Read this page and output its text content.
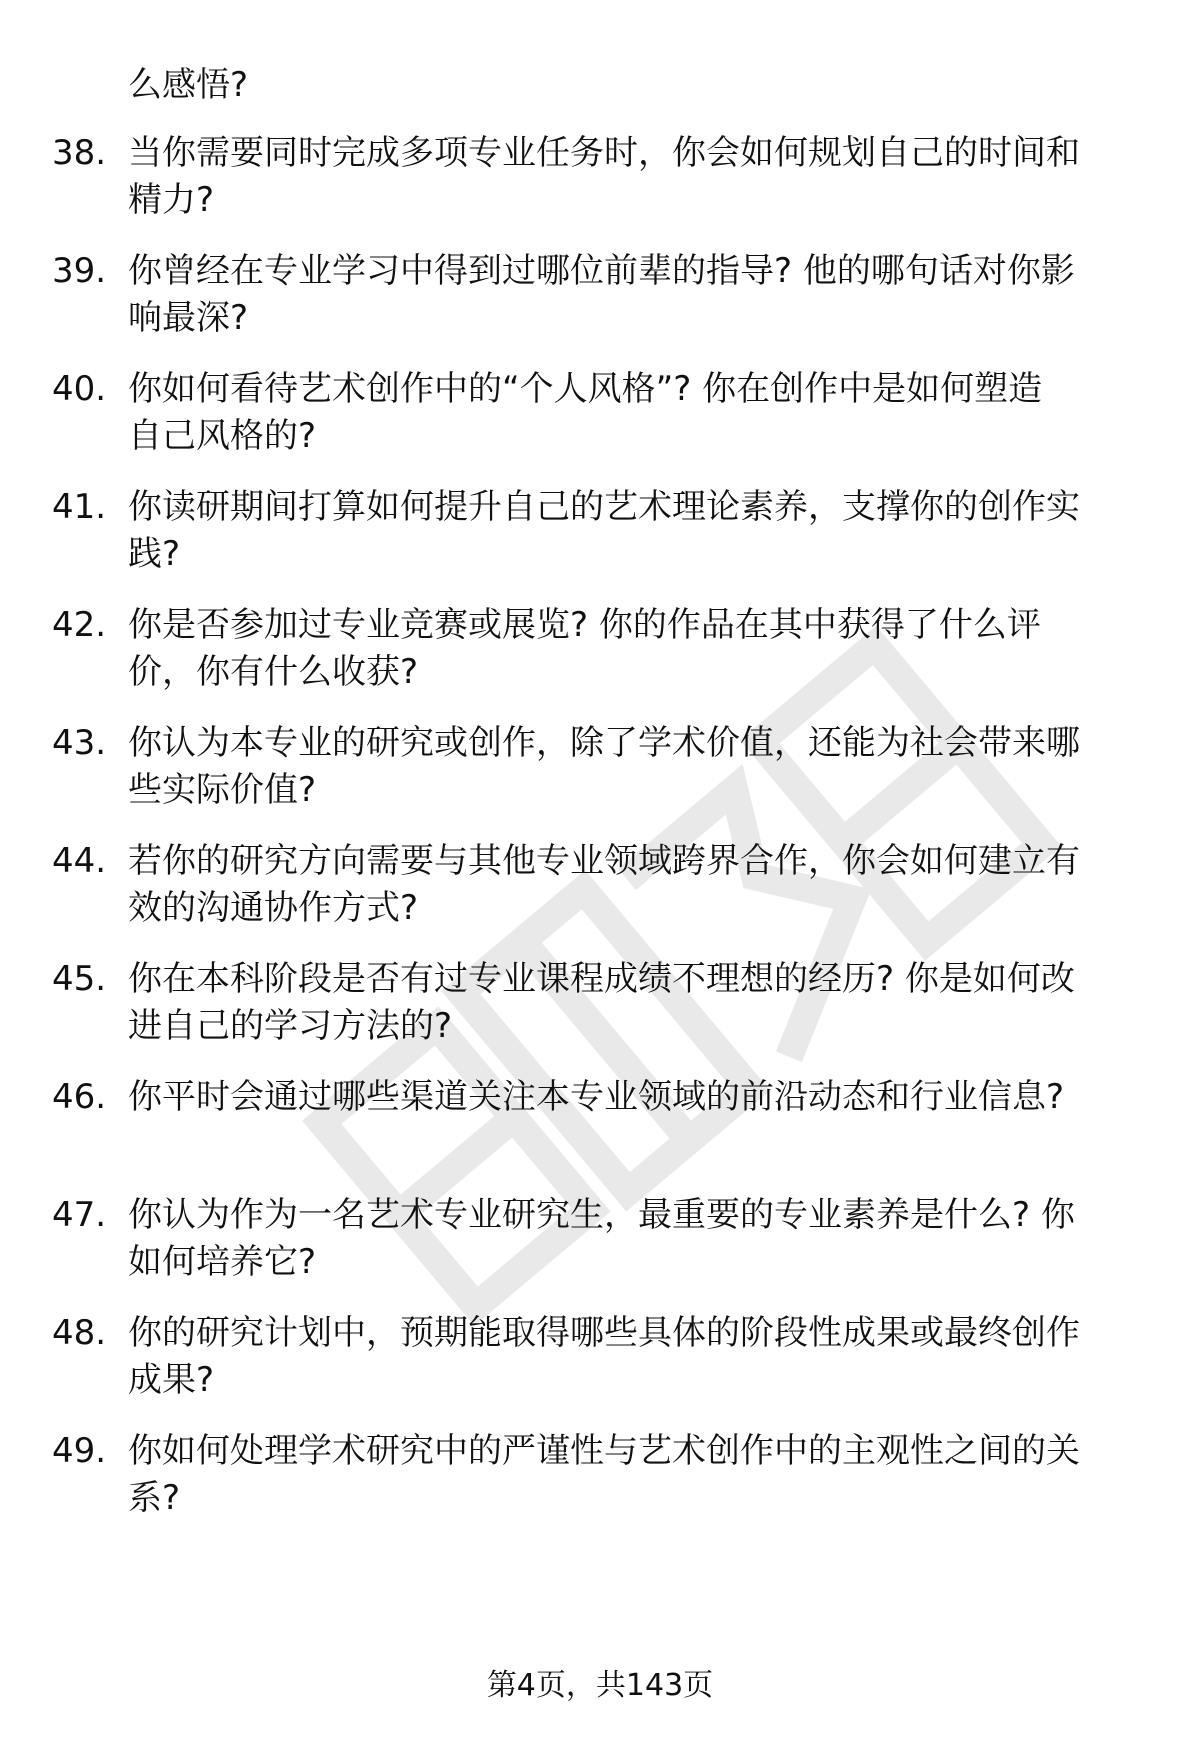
么感悟?
38. 当你需要同时完成多项专业任务时，你会如何规划自己的时间和
精力?
39. 你曾经在专业学习中得到过哪位前辈的指导? 他的哪句话对你影
响最深?
40. 你如何看待艺术创作中的“个人风格”? 你在创作中是如何塑造
自己风格的?
41. 你读研期间打算如何提升自己的艺术理论素养，支撑你的创作实
践?
42. 你是否参加过专业竞赛或展览? 你的作品在其中获得了什么评
价，你有什么收获?
43. 你认为本专业的研究或创作，除了学术价值，还能为社会带来哪
些实际价值?
44. 若你的研究方向需要与其他专业领域跨界合作，你会如何建立有
效的沟通协作方式?
45. 你在本科阶段是否有过专业课程成绩不理想的经历? 你是如何改
进自己的学习方法的?
46. 你平时会通过哪些渠道关注本专业领域的前沿动态和行业信息?
47. 你认为作为一名艺术专业研究生，最重要的专业素养是什么? 你
如何培养它?
48. 你的研究计划中，预期能取得哪些具体的阶段性成果或最终创作
成果?
49. 你如何处理学术研究中的严谨性与艺术创作中的主观性之间的关
系?
第4页，共143页
